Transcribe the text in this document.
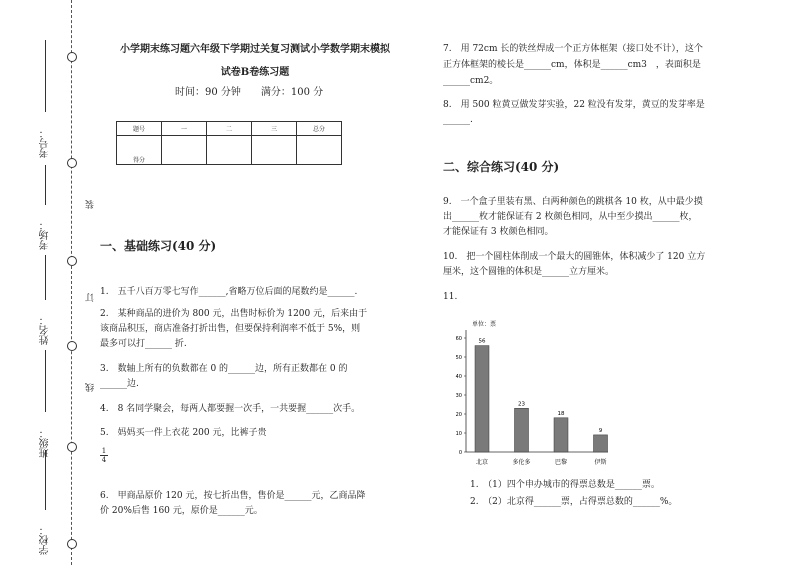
考号：
考场：
姓名：
班级：
学校：
装
订
线
小学期末练习题六年级下学期过关复习测试小学数学期末模拟
试卷B卷练习题
时间：90 分钟　　满分：100 分
题号	一	二	三	总分
得分				
一、基础练习(40 分)
1.　五千八百万零七写作______,省略万位后面的尾数约是______.
2.　某种商品的进价为 800 元，出售时标价为 1200 元，后来由于
该商品积压，商店准备打折出售，但要保持利润率不低于 5%，则
最多可以打______ 折.
3.　数轴上所有的负数都在 0 的______边，所有正数都在 0 的
______边.
4.　8 名同学聚会，每两人都要握一次手，一共要握______次手。
5.　妈妈买一件上衣花 200 元，比裤子贵
$\frac{1}{4}$
6.　甲商品原价 120 元，按七折出售，售价是______元，乙商品降
价 20%后售 160 元，原价是______元。
7.　用 72cm 长的铁丝焊成一个正方体框架（接口处不计），这个
正方体框架的棱长是______cm，体积是______cm3　，表面积是
______cm2。
8.　用 500 粒黄豆做发芽实验，22 粒没有发芽，黄豆的发芽率是
______.
二、综合练习(40 分)
9.　一个盒子里装有黑、白两种颜色的跳棋各 10 枚，从中最少摸
出______枚才能保证有 2 枚颜色相同，从中至少摸出______枚，
才能保证有 3 枚颜色相同。
10.　把一个圆柱体削成一个最大的圆锥体，体积减少了 120 立方
厘米，这个圆锥的体积是______立方厘米。
11.
单位：票
0
10
20
30
40
50
60	56
北京
23
多伦多
18
巴黎
9
伊斯
1.　（1）四个申办城市的得票总数是______票。
2.　（2）北京得______票，占得票总数的______%。
